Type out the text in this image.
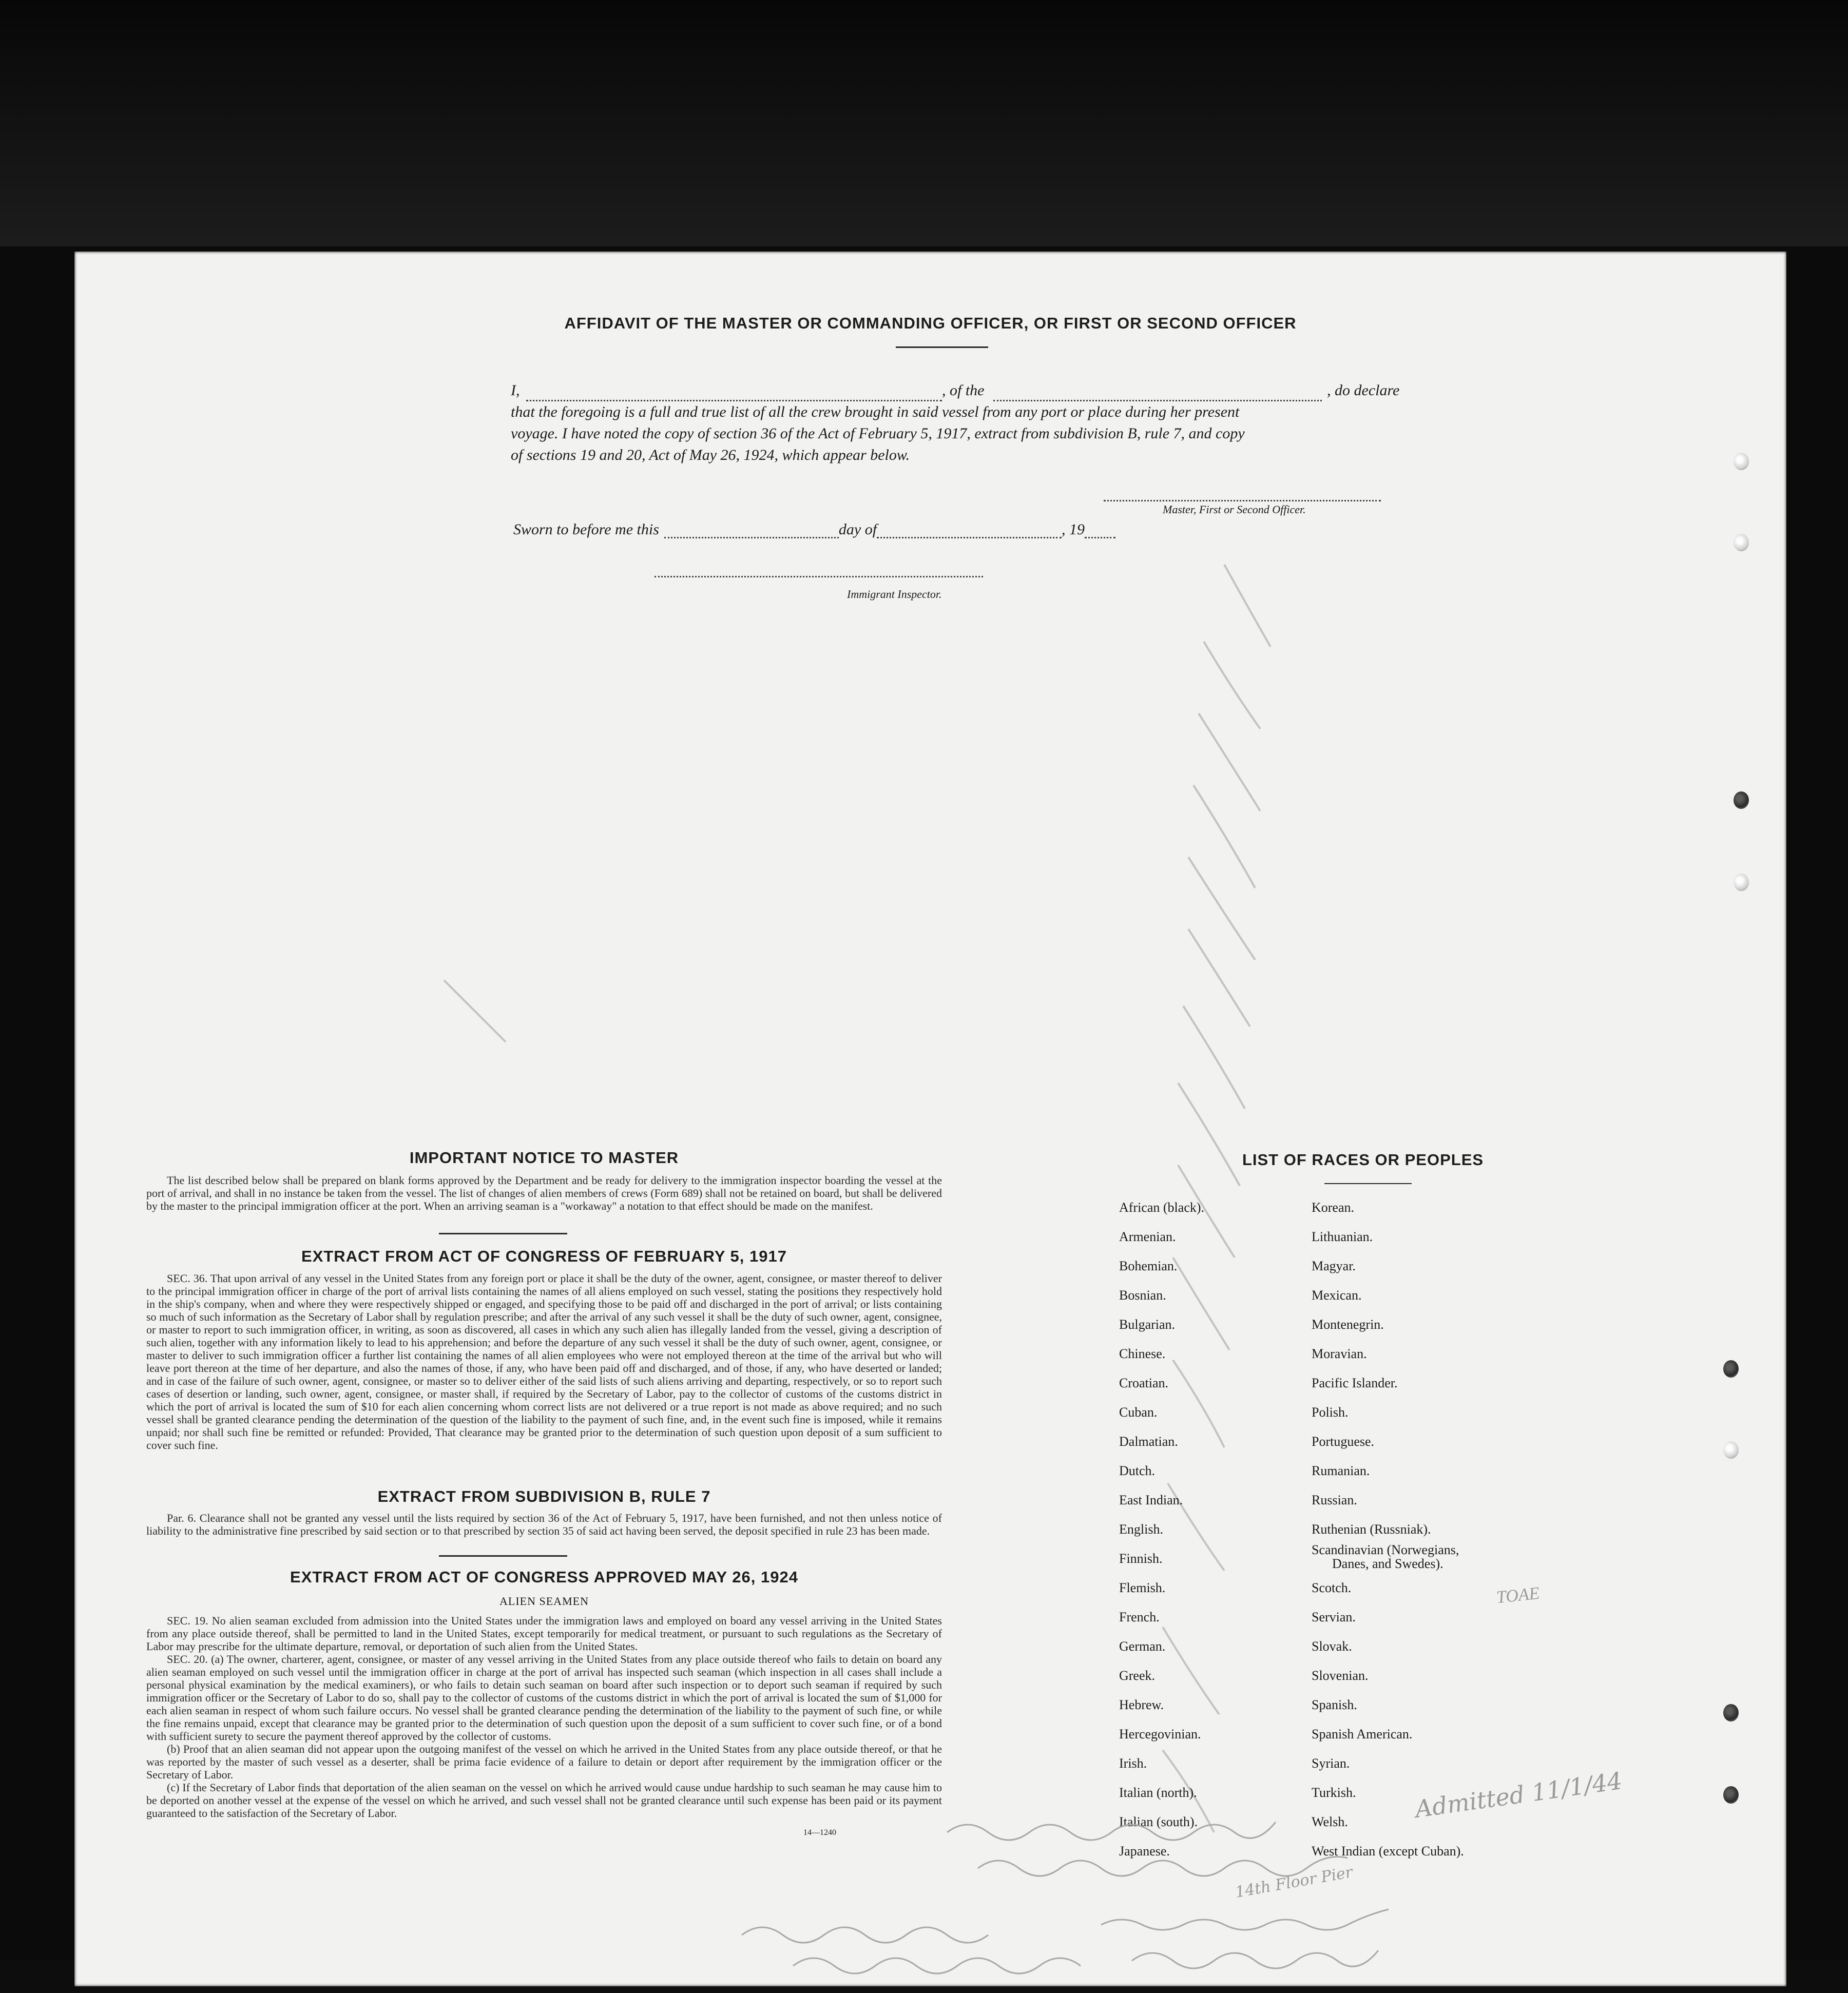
AFFIDAVIT OF THE MASTER OR COMMANDING OFFICER, OR FIRST OR SECOND OFFICER
I,	, of the	, do declare
that the foregoing is a full and true list of all the crew brought in said vessel from any port or place during her present
voyage. I have noted the copy of section 36 of the Act of February 5, 1917, extract from subdivision B, rule 7, and copy
of sections 19 and 20, Act of May 26, 1924, which appear below.
Master, First or Second Officer.
Sworn to before me this	day of	, 19
Immigrant Inspector.
IMPORTANT NOTICE TO MASTER

The list described below shall be prepared on blank forms approved by the Department and be ready for delivery to the immigration inspector boarding the vessel at the port of arrival, and shall in no instance be taken from the vessel. The list of changes of alien members of crews (Form 689) shall not be retained on board, but shall be delivered by the master to the principal immigration officer at the port. When an arriving seaman is a "workaway" a notation to that effect should be made on the manifest.

EXTRACT FROM ACT OF CONGRESS OF FEBRUARY 5, 1917

SEC. 36. That upon arrival of any vessel in the United States from any foreign port or place it shall be the duty of the owner, agent, consignee, or master thereof to deliver to the principal immigration officer in charge of the port of arrival lists containing the names of all aliens employed on such vessel, stating the positions they respectively hold in the ship's company, when and where they were respectively shipped or engaged, and specifying those to be paid off and discharged in the port of arrival; or lists containing so much of such information as the Secretary of Labor shall by regulation prescribe; and after the arrival of any such vessel it shall be the duty of such owner, agent, consignee, or master to report to such immigration officer, in writing, as soon as discovered, all cases in which any such alien has illegally landed from the vessel, giving a description of such alien, together with any information likely to lead to his apprehension; and before the departure of any such vessel it shall be the duty of such owner, agent, consignee, or master to deliver to such immigration officer a further list containing the names of all alien employees who were not employed thereon at the time of the arrival but who will leave port thereon at the time of her departure, and also the names of those, if any, who have been paid off and discharged, and of those, if any, who have deserted or landed; and in case of the failure of such owner, agent, consignee, or master so to deliver either of the said lists of such aliens arriving and departing, respectively, or so to report such cases of desertion or landing, such owner, agent, consignee, or master shall, if required by the Secretary of Labor, pay to the collector of customs of the customs district in which the port of arrival is located the sum of $10 for each alien concerning whom correct lists are not delivered or a true report is not made as above required; and no such vessel shall be granted clearance pending the determination of the question of the liability to the payment of such fine, and, in the event such fine is imposed, while it remains unpaid; nor shall such fine be remitted or refunded: Provided, That clearance may be granted prior to the determination of such question upon deposit of a sum sufficient to cover such fine.

EXTRACT FROM SUBDIVISION B, RULE 7

Par. 6. Clearance shall not be granted any vessel until the lists required by section 36 of the Act of February 5, 1917, have been furnished, and not then unless notice of liability to the administrative fine prescribed by said section or to that prescribed by section 35 of said act having been served, the deposit specified in rule 23 has been made.

EXTRACT FROM ACT OF CONGRESS APPROVED MAY 26, 1924
ALIEN SEAMEN

SEC. 19. No alien seaman excluded from admission into the United States under the immigration laws and employed on board any vessel arriving in the United States from any place outside thereof, shall be permitted to land in the United States, except temporarily for medical treatment, or pursuant to such regulations as the Secretary of Labor may prescribe for the ultimate departure, removal, or deportation of such alien from the United States.

SEC. 20. (a) The owner, charterer, agent, consignee, or master of any vessel arriving in the United States from any place outside thereof who fails to detain on board any alien seaman employed on such vessel until the immigration officer in charge at the port of arrival has inspected such seaman (which inspection in all cases shall include a personal physical examination by the medical examiners), or who fails to detain such seaman on board after such inspection or to deport such seaman if required by such immigration officer or the Secretary of Labor to do so, shall pay to the collector of customs of the customs district in which the port of arrival is located the sum of $1,000 for each alien seaman in respect of whom such failure occurs. No vessel shall be granted clearance pending the determination of the liability to the payment of such fine, or while the fine remains unpaid, except that clearance may be granted prior to the determination of such question upon the deposit of a sum sufficient to cover such fine, or of a bond with sufficient surety to secure the payment thereof approved by the collector of customs.

(b) Proof that an alien seaman did not appear upon the outgoing manifest of the vessel on which he arrived in the United States from any place outside thereof, or that he was reported by the master of such vessel as a deserter, shall be prima facie evidence of a failure to detain or deport after requirement by the immigration officer or the Secretary of Labor.

(c) If the Secretary of Labor finds that deportation of the alien seaman on the vessel on which he arrived would cause undue hardship to such seaman he may cause him to be deported on another vessel at the expense of the vessel on which he arrived, and such vessel shall not be granted clearance until such expense has been paid or its payment guaranteed to the satisfaction of the Secretary of Labor.

14—1240
LIST OF RACES OR PEOPLES
African (black).
Armenian.
Bohemian.
Bosnian.
Bulgarian.
Chinese.
Croatian.
Cuban.
Dalmatian.
Dutch.
East Indian.
English.
Finnish.
Flemish.
French.
German.
Greek.
Hebrew.
Hercegovinian.
Irish.
Italian (north).
Italian (south).
Japanese.
Korean.
Lithuanian.
Magyar.
Mexican.
Montenegrin.
Moravian.
Pacific Islander.
Polish.
Portuguese.
Rumanian.
Russian.
Ruthenian (Russniak).
Scandinavian (Norwegians,
Danes, and Swedes).
Scotch.
Servian.
Slovak.
Slovenian.
Spanish.
Spanish American.
Syrian.
Turkish.
Welsh.
West Indian (except Cuban).
TOAE
Admitted 11/1/44
14th Floor Pier
